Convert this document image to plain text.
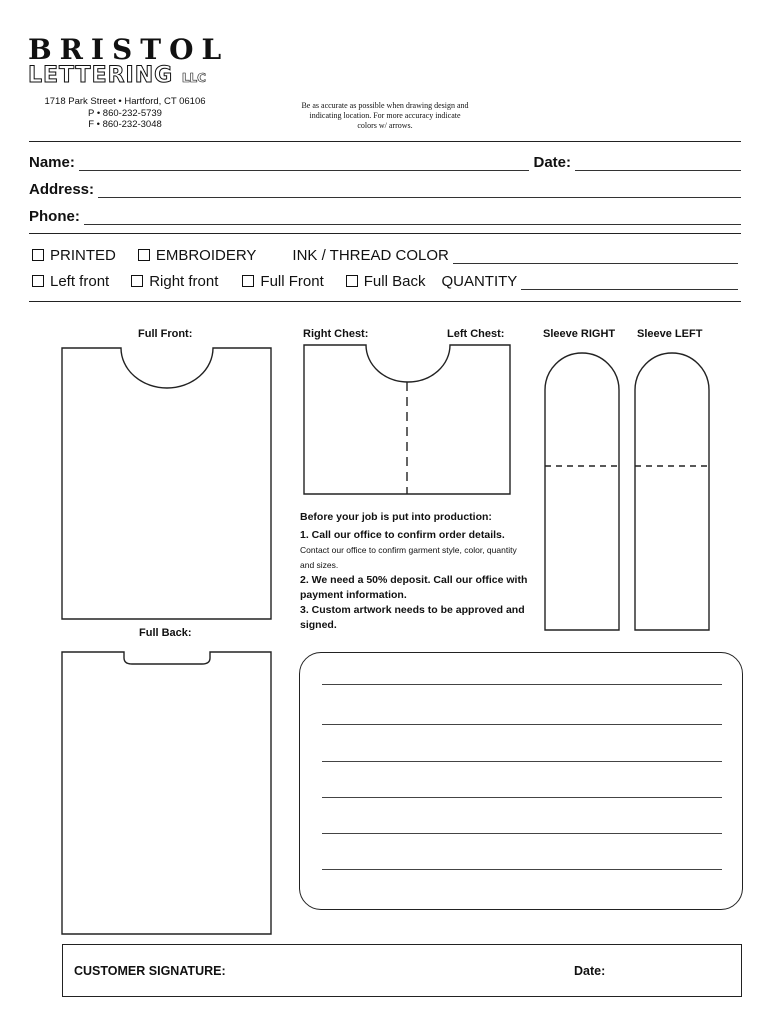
BRISTOL
LETTERING LLC
1718 Park Street • Hartford, CT 06106
P • 860-232-5739
F • 860-232-3048
Be as accurate as possible when drawing design and indicating location. For more accuracy indicate colors w/ arrows.
Name:	Date:
Address:
Phone:
PRINTED	EMBROIDERY INK / THREAD COLOR
Left front	Right front	Full Front	Full Back QUANTITY
Full Front:	Right Chest:	Left Chest:	Sleeve RIGHT Sleeve LEFT
Full Back:
Before your job is put into production:
1. Call our office to confirm order details.
Contact our office to confirm garment style, color, quantity and sizes.
2. We need a 50% deposit. Call our office with payment information.
3. Custom artwork needs to be approved and signed.
CUSTOMER SIGNATURE:	Date:
